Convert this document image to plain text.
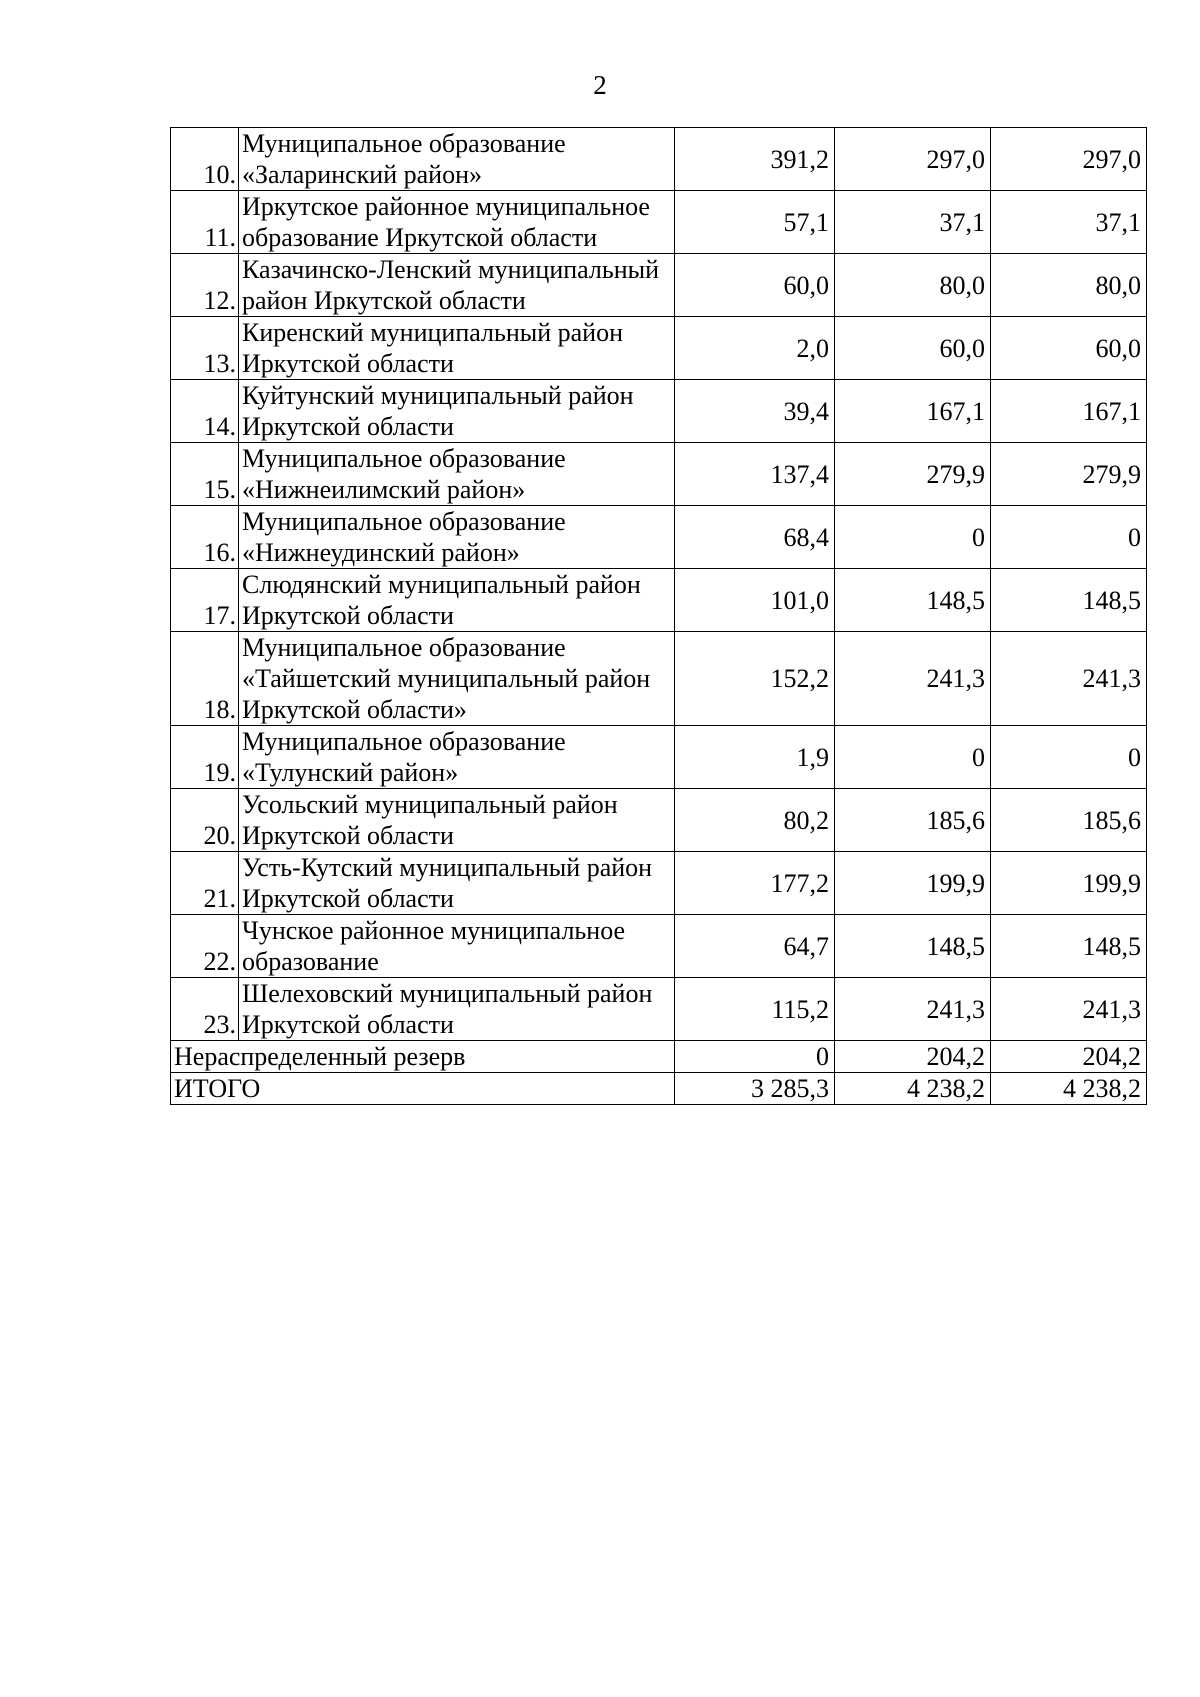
2
10.	Муниципальное образование «Заларинский район»	391,2	297,0	297,0
11.	Иркутское районное муниципальное образование Иркутской области	57,1	37,1	37,1
12.	Казачинско-Ленский муниципальный район Иркутской области	60,0	80,0	80,0
13.	Киренский муниципальный район Иркутской области	2,0	60,0	60,0
14.	Куйтунский муниципальный район Иркутской области	39,4	167,1	167,1
15.	Муниципальное образование «Нижнеилимский район»	137,4	279,9	279,9
16.	Муниципальное образование «Нижнеудинский район»	68,4	0	0
17.	Слюдянский муниципальный район Иркутской области	101,0	148,5	148,5
18.	Муниципальное образование «Тайшетский муниципальный район Иркутской области»	152,2	241,3	241,3
19.	Муниципальное образование «Тулунский район»	1,9	0	0
20.	Усольский муниципальный район Иркутской области	80,2	185,6	185,6
21.	Усть-Кутский муниципальный район Иркутской области	177,2	199,9	199,9
22.	Чунское районное муниципальное образование	64,7	148,5	148,5
23.	Шелеховский муниципальный район Иркутской области	115,2	241,3	241,3
Нераспределенный резерв		0	204,2	204,2
ИТОГО		3 285,3	4 238,2	4 238,2
